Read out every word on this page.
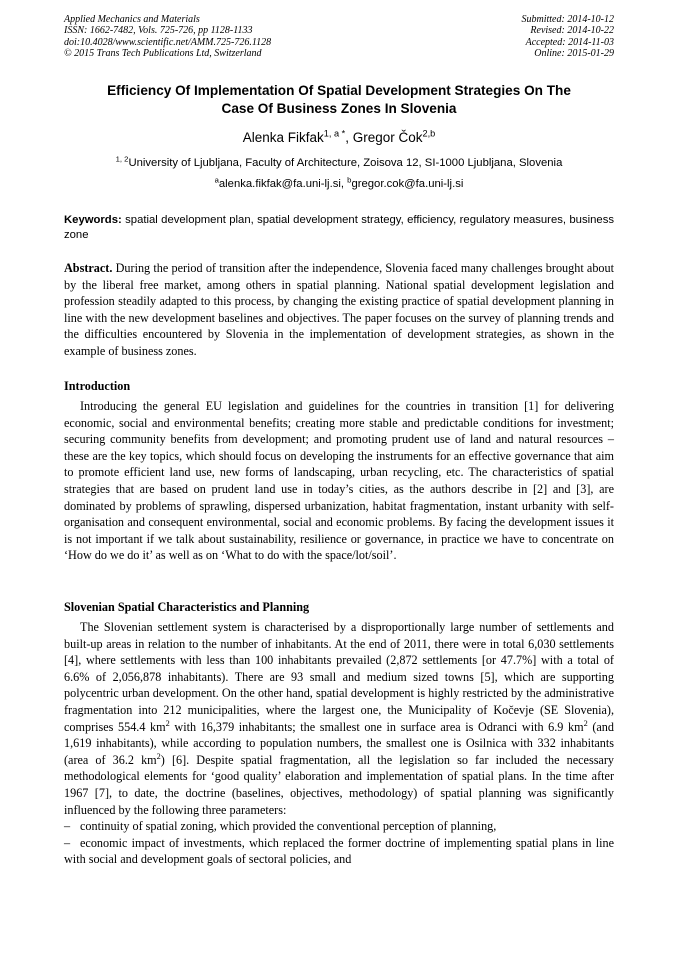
Applied Mechanics and Materials
ISSN: 1662-7482, Vols. 725-726, pp 1128-1133
doi:10.4028/www.scientific.net/AMM.725-726.1128
© 2015 Trans Tech Publications Ltd, Switzerland
Submitted: 2014-10-12
Revised: 2014-10-22
Accepted: 2014-11-03
Online: 2015-01-29
Efficiency Of Implementation Of Spatial Development Strategies On The
Case Of Business Zones In Slovenia
Alenka Fikfak$^{1, a *}$, Gregor Čok$^{2,b}$
$^{1, 2}$University of Ljubljana, Faculty of Architecture, Zoisova 12, SI-1000 Ljubljana, Slovenia
$^a$alenka.fikfak@fa.uni-lj.si, $^b$gregor.cok@fa.uni-lj.si
Keywords: spatial development plan, spatial development strategy, efficiency, regulatory measures, business zone
Abstract. During the period of transition after the independence, Slovenia faced many challenges brought about by the liberal free market, among others in spatial planning. National spatial development legislation and profession steadily adapted to this process, by changing the existing practice of spatial development planning in line with the new development baselines and objectives. The paper focuses on the survey of planning trends and the difficulties encountered by Slovenia in the implementation of development strategies, as shown in the example of business zones.
Introduction

Introducing the general EU legislation and guidelines for the countries in transition [1] for delivering economic, social and environmental benefits; creating more stable and predictable conditions for investment; securing community benefits from development; and promoting prudent use of land and natural resources – these are the key topics, which should focus on developing the instruments for an effective governance that aim to promote efficient land use, new forms of landscaping, urban recycling, etc. The characteristics of spatial strategies that are based on prudent land use in today’s cities, as the authors describe in [2] and [3], are dominated by problems of sprawling, dispersed urbanization, habitat fragmentation, instant urbanity with self-organisation and consequent environmental, social and economic problems. By facing the development issues it is not important if we talk about sustainability, resilience or governance, in practice we have to concentrate on ‘How do we do it’ as well as on ‘What to do with the space/lot/soil’.

Slovenian Spatial Characteristics and Planning

The Slovenian settlement system is characterised by a disproportionally large number of settlements and built-up areas in relation to the number of inhabitants. At the end of 2011, there were in total 6,030 settlements [4], where settlements with less than 100 inhabitants prevailed (2,872 settlements [or 47.7%] with a total of 6.6% of 2,056,878 inhabitants). There are 93 small and medium sized towns [5], which are supporting polycentric urban development. On the other hand, spatial development is highly restricted by the administrative fragmentation into 212 municipalities, where the largest one, the Municipality of Kočevje (SE Slovenia), comprises 554.4 $km^2$ with 16,379 inhabitants; the smallest one in surface area is Odranci with 6.9 $km^2$ (and 1,619 inhabitants), while according to population numbers, the smallest one is Osilnica with 332 inhabitants (area of 36.2 $km^2$) [6]. Despite spatial fragmentation, all the legislation so far included the necessary methodological elements for ‘good quality’ elaboration and implementation of spatial plans. In the time after 1967 [7], to date, the doctrine (baselines, objectives, methodology) of spatial planning was significantly influenced by the following three parameters:

– continuity of spatial zoning, which provided the conventional perception of planning,

– economic impact of investments, which replaced the former doctrine of implementing spatial plans in line with social and development goals of sectoral policies, and
